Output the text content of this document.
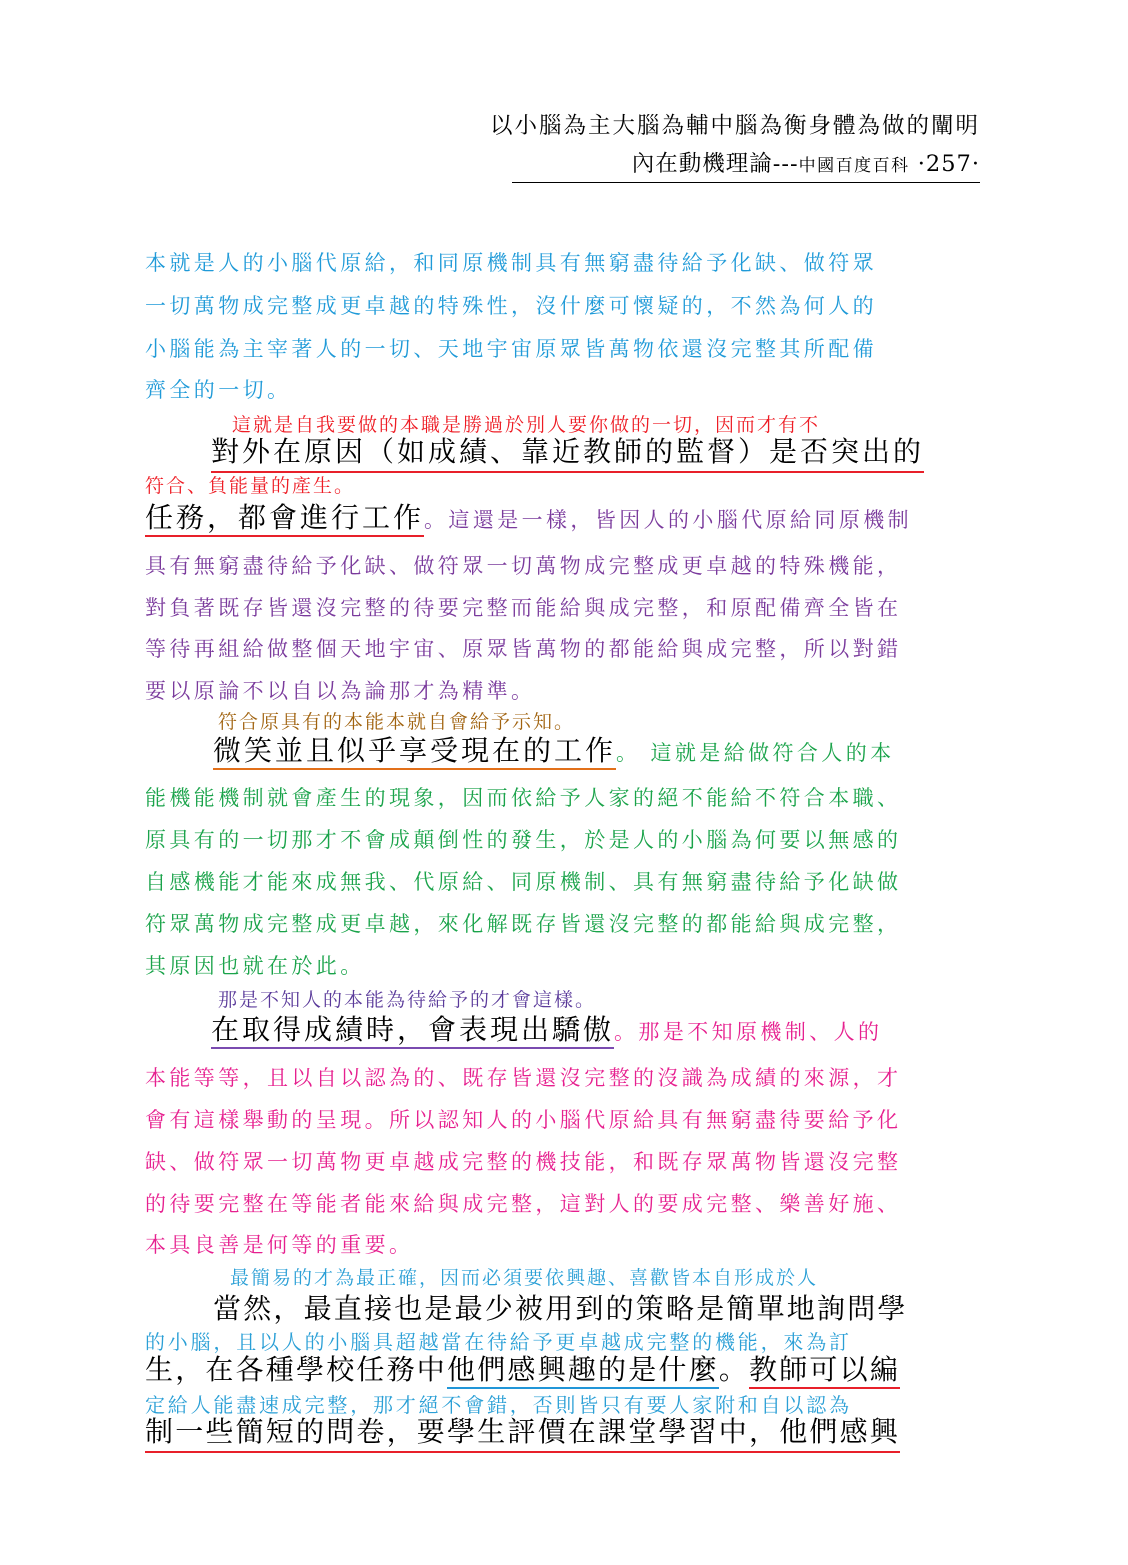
以小腦為主大腦為輔中腦為衡身體為做的闡明
內在動機理論---中國百度百科 ·257·
本就是人的小腦代原給，和同原機制具有無窮盡待給予化缺、做符眾
一切萬物成完整成更卓越的特殊性，沒什麼可懷疑的，不然為何人的
小腦能為主宰著人的一切、天地宇宙原眾皆萬物依還沒完整其所配備
齊全的一切。
這就是自我要做的本職是勝過於別人要你做的一切，因而才有不
對外在原因（如成績、靠近教師的監督）是否突出的
符合、負能量的產生。
任務，都會進行工作。這還是一樣，皆因人的小腦代原給同原機制
具有無窮盡待給予化缺、做符眾一切萬物成完整成更卓越的特殊機能，
對負著既存皆還沒完整的待要完整而能給與成完整，和原配備齊全皆在
等待再組給做整個天地宇宙、原眾皆萬物的都能給與成完整，所以對錯
要以原論不以自以為論那才為精準。
符合原具有的本能本就自會給予示知。
微笑並且似乎享受現在的工作。 這就是給做符合人的本
能機能機制就會產生的現象，因而依給予人家的絕不能給不符合本職、
原具有的一切那才不會成顛倒性的發生，於是人的小腦為何要以無感的
自感機能才能來成無我、代原給、同原機制、具有無窮盡待給予化缺做
符眾萬物成完整成更卓越，來化解既存皆還沒完整的都能給與成完整，
其原因也就在於此。
那是不知人的本能為待給予的才會這樣。
在取得成績時，會表現出驕傲。那是不知原機制、人的
本能等等，且以自以認為的、既存皆還沒完整的沒識為成績的來源，才
會有這樣舉動的呈現。所以認知人的小腦代原給具有無窮盡待要給予化
缺、做符眾一切萬物更卓越成完整的機技能，和既存眾萬物皆還沒完整
的待要完整在等能者能來給與成完整，這對人的要成完整、樂善好施、
本具良善是何等的重要。
最簡易的才為最正確，因而必須要依興趣、喜歡皆本自形成於人
當然，最直接也是最少被用到的策略是簡單地詢問學
的小腦，且以人的小腦具超越當在待給予更卓越成完整的機能，來為訂
生，在各種學校任務中他們感興趣的是什麼。教師可以編
定給人能盡速成完整，那才絕不會錯，否則皆只有要人家附和自以認為
制一些簡短的問卷，要學生評價在課堂學習中，他們感興
